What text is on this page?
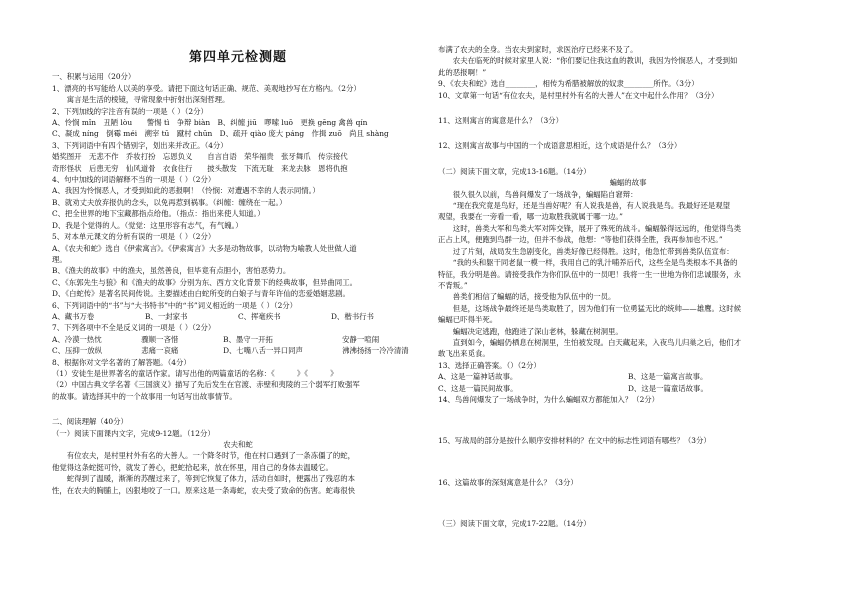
第四单元检测题
一、积累与运用（20分）
1、漂亮的书写能给人以美的享受。请把下面这句话正确、规范、美观地抄写在方格内。（2分）
寓言是生活的棱镜，寻常现象中折射出深刻哲理。
2、下列加线的字注音有误的一项是（ ）（2分）
A、怜悯 mǐn　丑陋 lòu　　警惕 tì　争辩 biàn　B、纠缠 jiū　啰嗦 luō　更换 gēng 禽兽 qín
C、凝成 níng　倒霉 méi　溯宰 tū　蹴村 chūn　D、疏开 qiào 庞大 páng　作揖 zuō　尚且 shàng
3、下列词语中有四个错别字，划出来并改正。（4分）
婚奖图开　无悲不作　乔妆打扮　忘恩负义　　自言自语　荣华福贵　张牙舞爪　传宗接代
奇形怪状　后患无穷　仙风道骨　衣食住行　　披头散发　下流无耻　来龙去脉　恩将仇抱
4、句中加线的词语解释不当的一项是（ ）（2分）
A、我因为怜悯恶人，才受到如此的恶报啊！（怜悯：对遭遇不幸的人表示同情。）
B、就劝丈夫放弃报仇的念头，以免再惹到祸事。（纠缠：缠绕在一起。）
C、把全世界的地下宝藏都指点给他。（指点：指出来使人知道。）
D、我是个觉得的人。（觉觉：这里形容有志气，有气魄。）
5、对本单元课文的分析有误的一项是（ ）（2分）
A、《农夫和蛇》选自《伊索寓言》。《伊索寓言》大多是动物故事，以动物为喻教人处世做人道
理。
B、《渔夫的故事》中的渔夫，虽然善良，但毕竟有点胆小，害怕恶势力。
C、《东郭先生与狼》和《渔夫的故事》分别为东、西方文化背景下的经典故事，但异曲同工。
D、《白蛇传》是著名民间传说。主要描述由白蛇所变的白娘子与青年许仙的恋爱婚姻悲剧。
6、下列词语中的“书”与“大书特书”中的“书”词义相近的一项是（ ）（2分）
A、藏书万卷	B、一封家书	C、挥毫疾书	D、楷书行书
7、下列各项中不全是反义词的一项是（ ）（2分）
A、冷漠一热忱	骤顺一吝惜	B、墨守一开拓	安静一喧闹
C、压抑一放纵	悲痛一哀痛	D、七嘴八舌一异口同声	沸沸扬扬一冷冷清清
8、根据你对文学名著的了解答题。（4分）
（1）安徒生是世界著名的童话作家。请写出他的两篇童话的名称：《　　　》《　　　》
（2）中国古典文学名著《三国演义》描写了先后发生在官渡、赤壁和夷陵的三个弱军打败强军
的故事。请选择其中的一个故事用一句话写出故事情节。
二、阅读理解（40分）
（一）阅读下面课内文字，完成9-12题。（12分）
农夫和蛇
有位农夫，是村里村外有名的大善人。一个降冬时节，他在村口遇到了一条冻僵了的蛇，
他觉得这条蛇挺可怜，就发了善心，把蛇拾起来，放在怀里，用自己的身体去温暖它。
蛇得到了温暖，渐渐的苏醒过来了，等到它恢复了体力，活动自如时，便露出了残忍的本
性，在农夫的胸脯上，凶狠地咬了一口。原来这是一条毒蛇，农夫受了致命的伤害。蛇毒很快
布满了农夫的全身。当农夫到家时，求医治疗已经来不及了。
农夫在临死的时候对家里人说：“你们要记住我这血的教训，我因为怜悯恶人，才受到如
此的恶报啊！”
9、《农夫和蛇》选自________，相传为希腊被解放的奴隶________所作。（3分）
10、文章第一句话“有位农夫，是村里村外有名的大善人”在文中起什么作用？（3分）
11、这则寓言的寓意是什么？（3分）
12、这则寓言故事与中国的一个成语意思相近，这个成语是什么？（3分）
（二）阅读下面文章，完成13-16题。（14分）
蝙蝠的故事
很久很久以前，鸟兽间爆发了一场战争，蝙蝠陷自窘辩：
“现在我究竟是鸟好，还是当兽好呢？有人说我是兽，有人说我是鸟。我最好还是观望
观望，我要在一旁看一看，哪一边取胜我就属于哪一边。”
这时，兽类大军和鸟类大军对阵交锋，展开了殊死的战斗。蝙蝠躲得远远的，他觉得鸟类
正占上风，便跑到鸟群一边，但并不参战，他想：“等他们获得全胜，我再参加也不迟。”
过了片刻，战局发生急剧变化，兽类好像已经得胜。这时，他急忙带到兽类队伍宣布：
“我的头和躯干同老鼠一模一样，我用自己的乳汁哺养后代，这些全是鸟类根本不具备的
特征，我分明是兽。请接受我作为你们队伍中的一员吧！我将一生一世地为你们忠诚服务，永
不背叛。”
兽类们相信了蝙蝠的话，接受他为队伍中的一员。
但是，这场战争最终还是鸟类取胜了，因为他们有一位勇猛无比的统帅——雄鹰。这时候
蝙蝠已吓得半死。
蝙蝠决定逃跑，他跑进了深山老林，躲藏在树洞里。
直到如今，蝙蝠仍栖息在树洞里，生怕被发现。白天藏起来，入夜鸟儿归巢之后，他们才
敢飞出来觅食。
13、选择正确答案。（）（2分）
A、这是一篇神话故事。	B、这是一篇寓言故事。
C、这是一篇民间故事。	D、这是一篇童话故事。
14、鸟兽间爆发了一场战争时，为什么蝙蝠双方都能加入？（2分）
15、写战局的部分是按什么顺序安排材料的？在文中的标志性词语有哪些？（3分）
16、这篇故事的深刻寓意是什么？（3分）
（三）阅读下面文章，完成17-22题。（14分）
